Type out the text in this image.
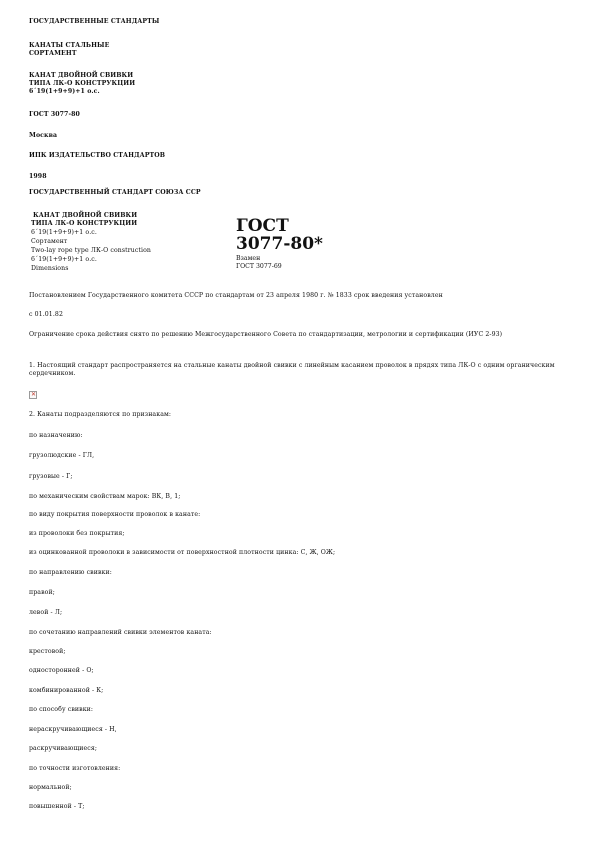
ГОСУДАРСТВЕННЫЕ СТАНДАРТЫ
КАНАТЫ СТАЛЬНЫЕ
СОРТАМЕНТ
КАНАТ ДВОЙНОЙ СВИВКИ
ТИПА ЛК-О КОНСТРУКЦИИ
6´19(1+9+9)+1 о.с.
ГОСТ 3077-80
Москва
ИПК ИЗДАТЕЛЬСТВО СТАНДАРТОВ
1998
ГОСУДАРСТВЕННЫЙ СТАНДАРТ СОЮЗА ССР
КАНАТ ДВОЙНОЙ СВИВКИ
ТИПА ЛК-О КОНСТРУКЦИИ
6´19(1+9+9)+1 о.с.
Сортамент
Two-lay rope type ЛК-О construction
6´19(1+9+9)+1 о.с.
Dimensions
ГОСТ
3077-80*
Взамен
ГОСТ 3077-69
Постановлением Государственного комитета СССР по стандартам от 23 апреля 1980 г. № 1833 срок введения установлен
с 01.01.82
Ограничение срока действия снято по решению Межгосударственного Совета по стандартизации, метрологии и сертификации (ИУС 2-93)
1. Настоящий стандарт распространяется на стальные канаты двойной свивки с линейным касанием проволок в прядях типа ЛК-О с одним органическим сердечником.
✕
2. Канаты подразделяются по признакам:
по назначению:
грузолюдские - ГЛ,
грузовые - Г;
по механическим свойствам марок: ВК, В, 1;
по виду покрытия поверхности проволок в канате:
из проволоки без покрытия;
из оцинкованной проволоки в зависимости от поверхностной плотности цинка: С, Ж, ОЖ;
по направлению свивки:
правой;
левой - Л;
по сочетанию направлений свивки элементов каната:
крестовой;
односторонней - О;
комбинированной - К;
по способу свивки:
нераскручивающиеся - Н,
раскручивающиеся;
по точности изготовления:
нормальной;
повышенной - Т;
